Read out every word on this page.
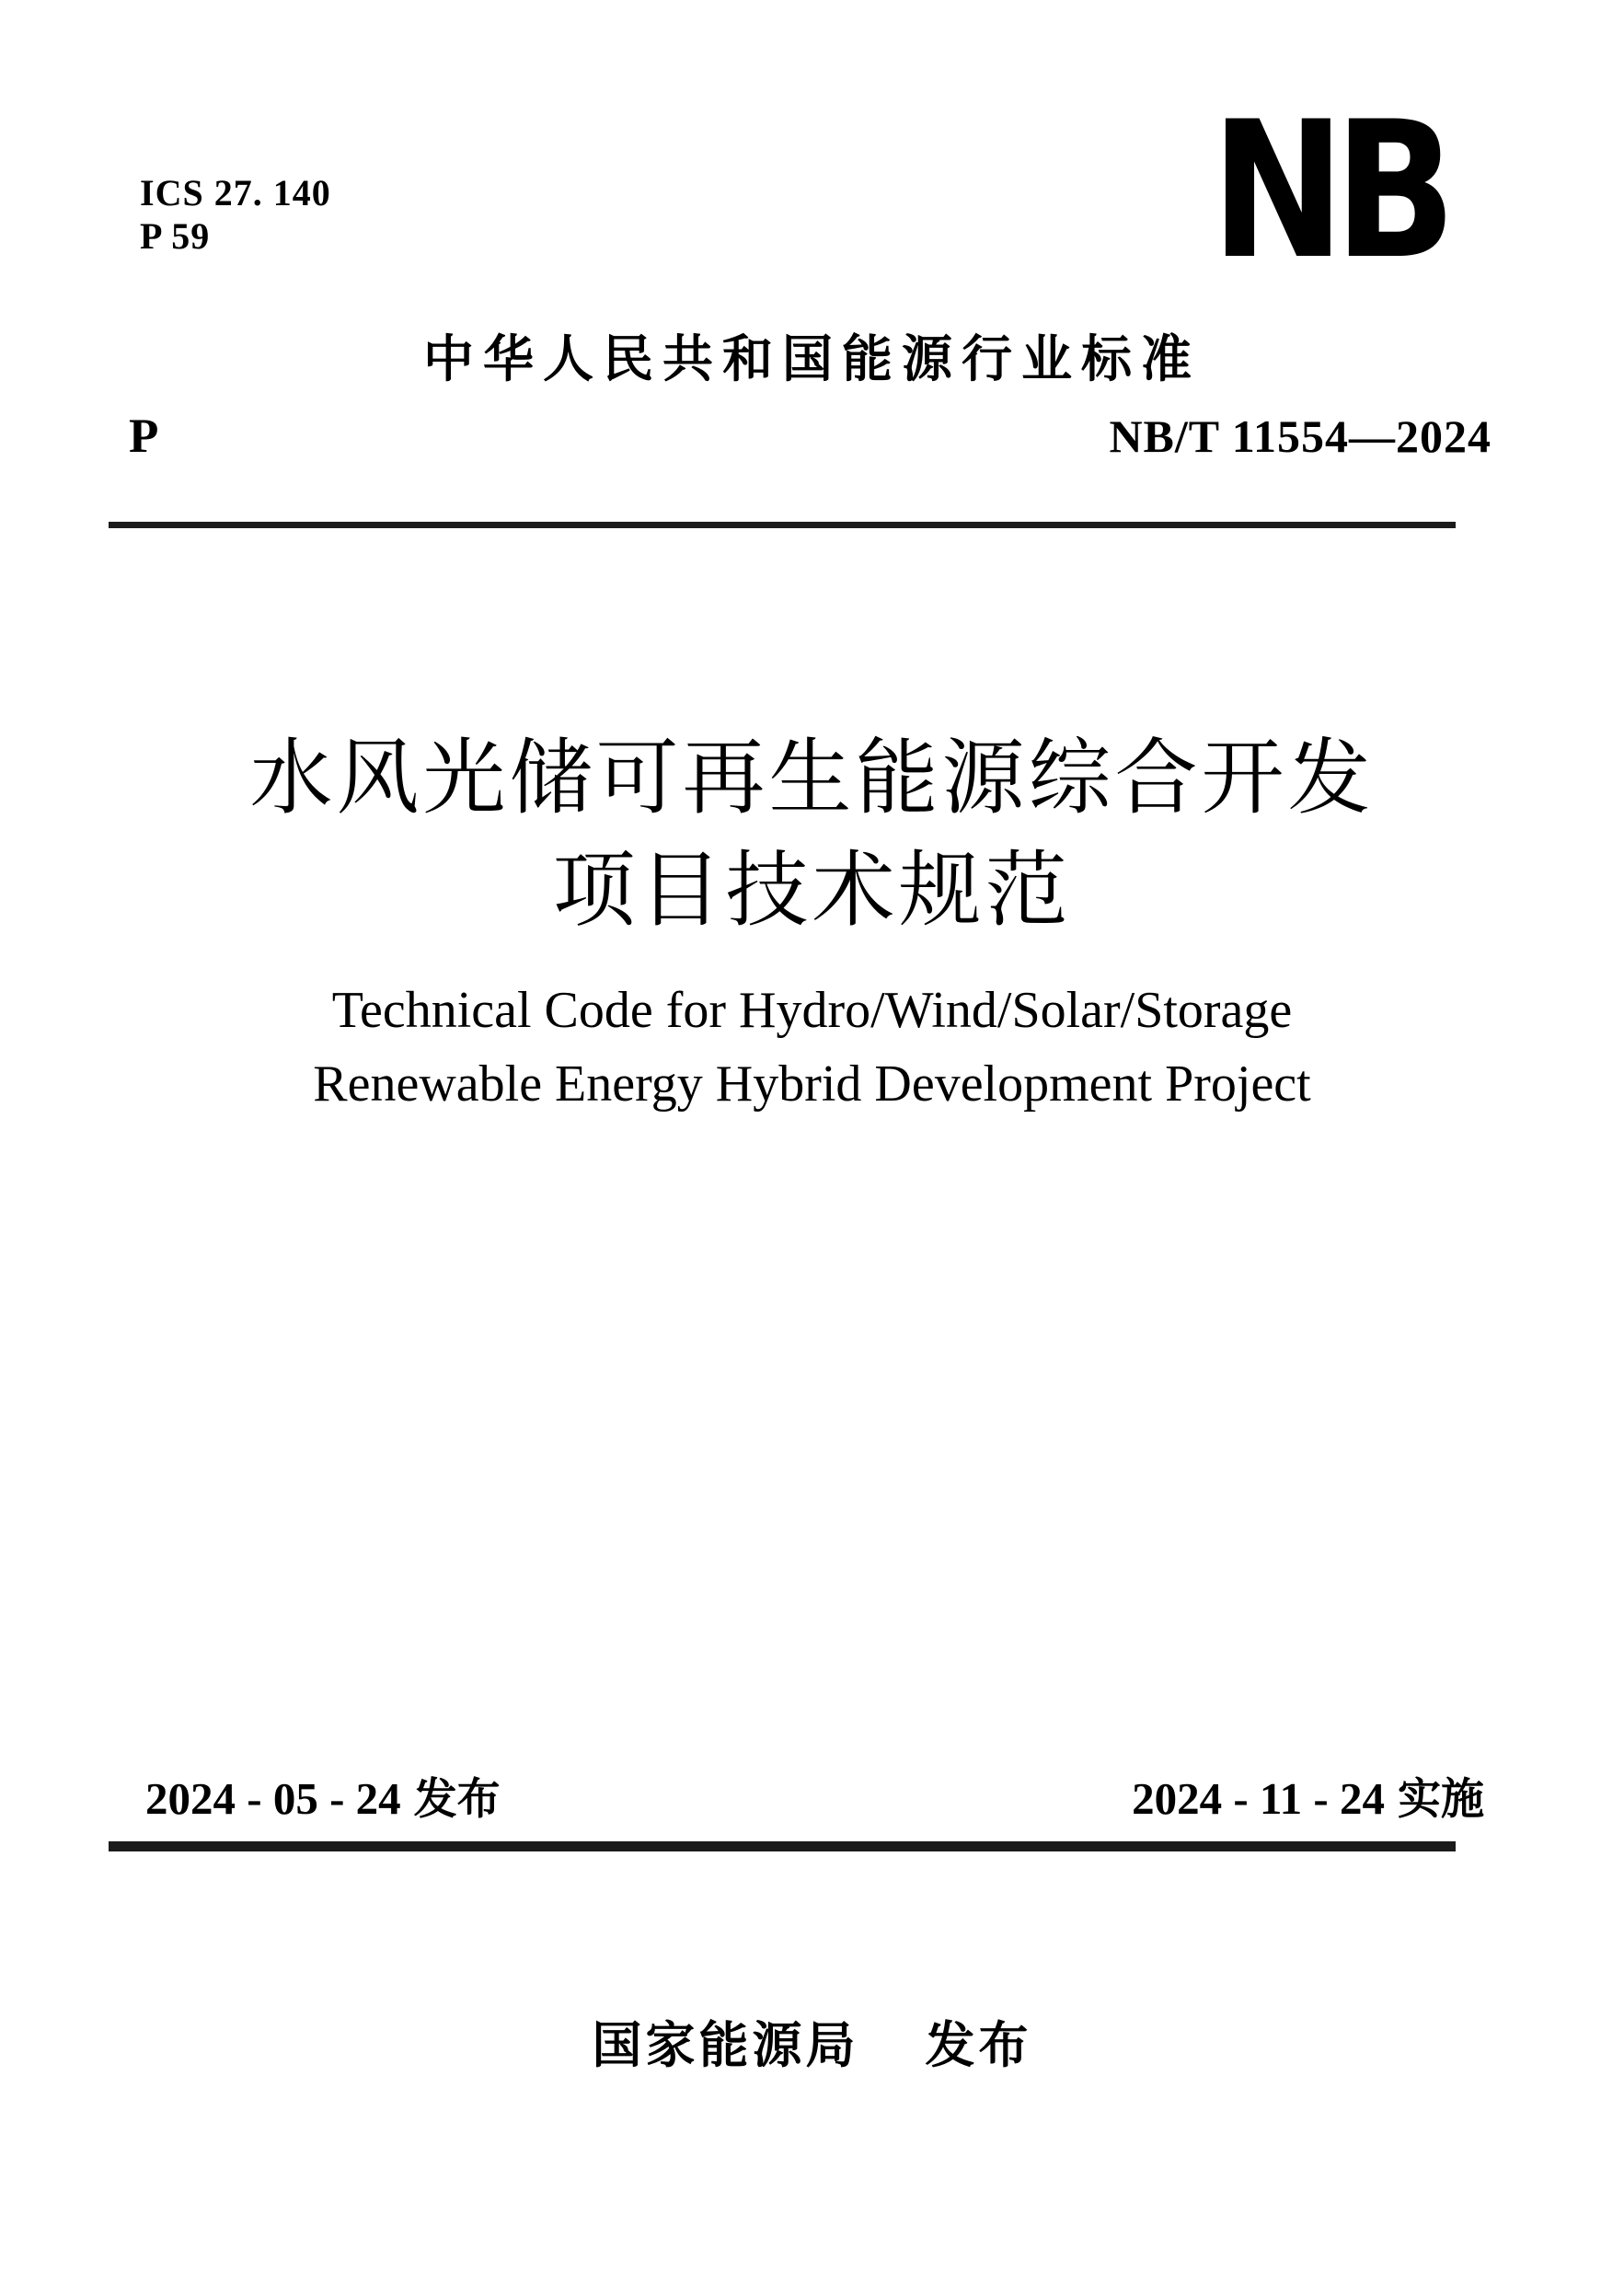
ICS 27. 140
P 59	NB
中华人民共和国能源行业标准
P	NB/T 11554—2024
水风光储可再生能源综合开发
项目技术规范
Technical Code for Hydro/Wind/Solar/Storage
Renewable Energy Hybrid Development Project
2024 - 05 - 24 发布	2024 - 11 - 24 实施
国家能源局 发布
